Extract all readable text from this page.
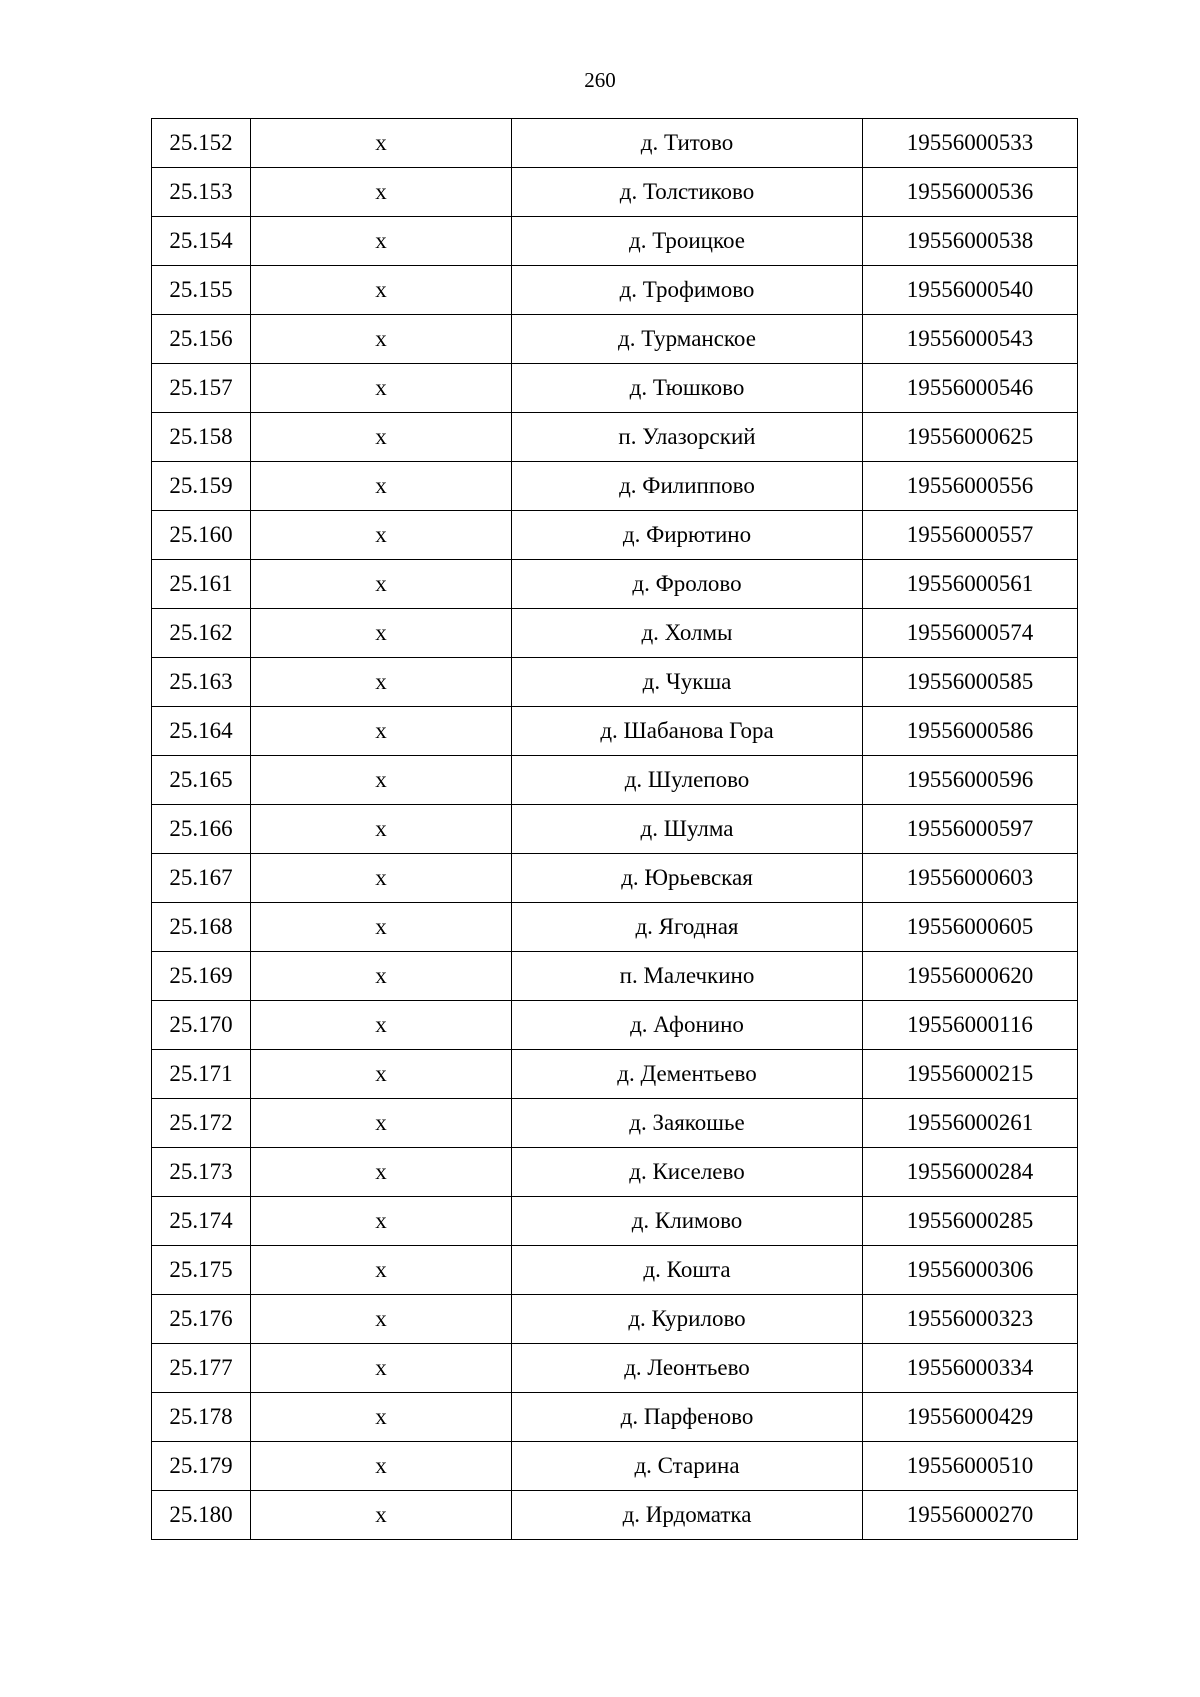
260
25.152	х	д. Титово	19556000533
25.153	х	д. Толстиково	19556000536
25.154	х	д. Троицкое	19556000538
25.155	х	д. Трофимово	19556000540
25.156	х	д. Турманское	19556000543
25.157	х	д. Тюшково	19556000546
25.158	х	п. Улазорский	19556000625
25.159	х	д. Филиппово	19556000556
25.160	х	д. Фирютино	19556000557
25.161	х	д. Фролово	19556000561
25.162	х	д. Холмы	19556000574
25.163	х	д. Чукша	19556000585
25.164	х	д. Шабанова Гора	19556000586
25.165	х	д. Шулепово	19556000596
25.166	х	д. Шулма	19556000597
25.167	х	д. Юрьевская	19556000603
25.168	х	д. Ягодная	19556000605
25.169	х	п. Малечкино	19556000620
25.170	х	д. Афонино	19556000116
25.171	х	д. Дементьево	19556000215
25.172	х	д. Заякошье	19556000261
25.173	х	д. Киселево	19556000284
25.174	х	д. Климово	19556000285
25.175	х	д. Кошта	19556000306
25.176	х	д. Курилово	19556000323
25.177	х	д. Леонтьево	19556000334
25.178	х	д. Парфеново	19556000429
25.179	х	д. Старина	19556000510
25.180	х	д. Ирдоматка	19556000270
